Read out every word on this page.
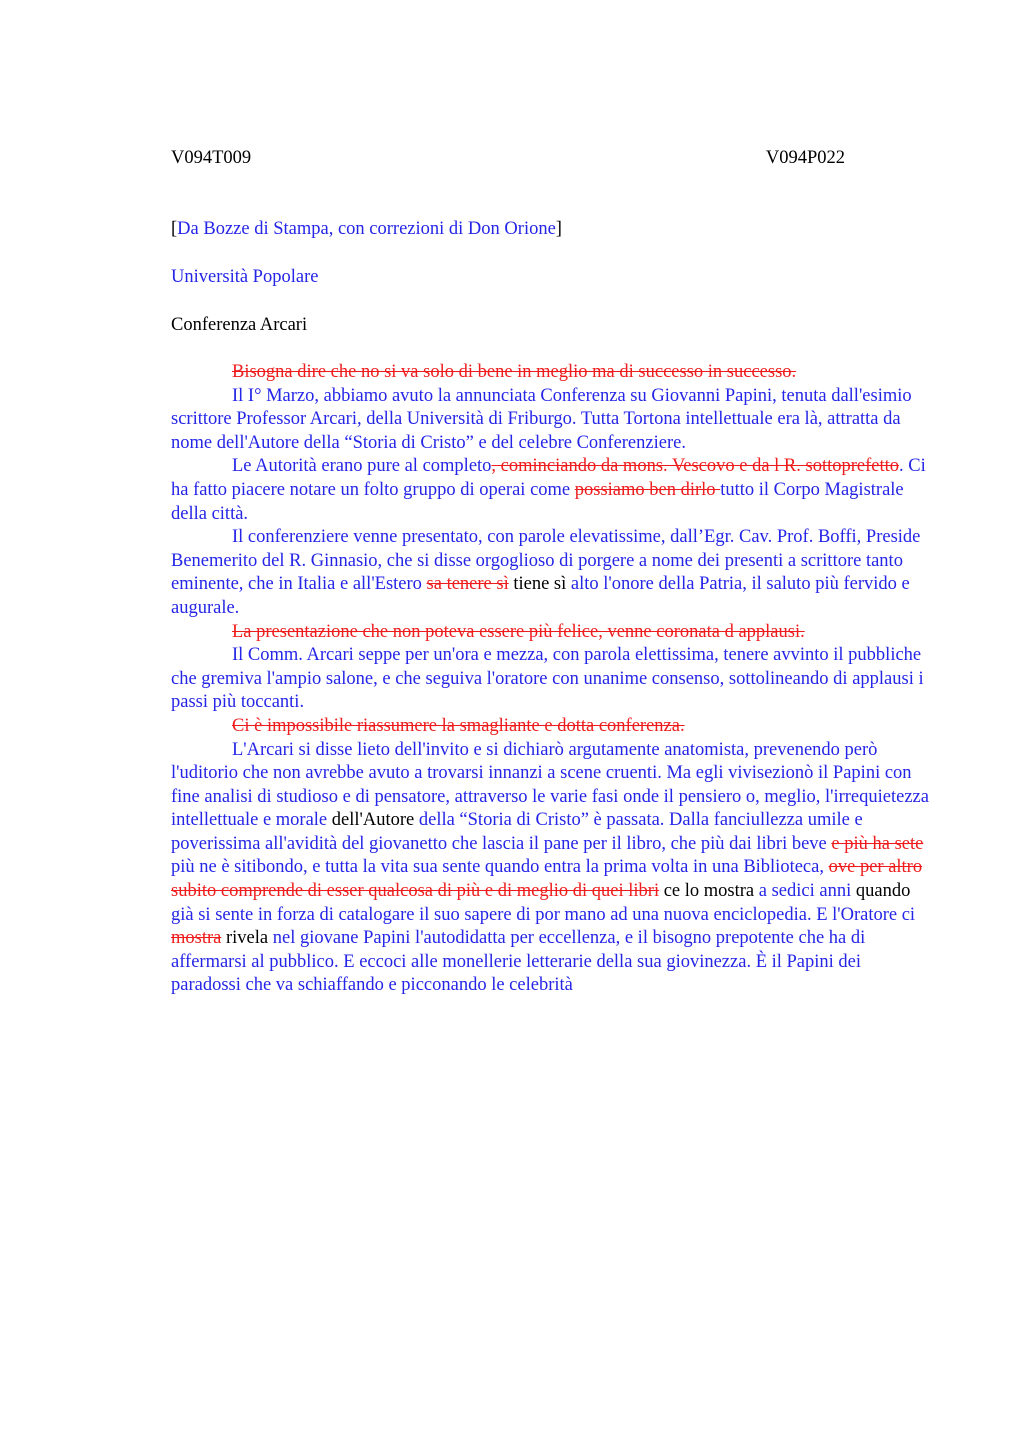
V094T009	V094P022
[Da Bozze di Stampa, con correzioni di Don Orione]
Università Popolare
Conferenza Arcari

Bisogna dire che no si va solo di bene in meglio ma di successo in successo.

Il I° Marzo, abbiamo avuto la annunciata Conferenza su Giovanni Papini, tenuta dall'esimio scrittore Professor Arcari, della Università di Friburgo. Tutta Tortona intellettuale era là, attratta da nome dell'Autore della “Storia di Cristo” e del celebre Conferenziere.

Le Autorità erano pure al completo, cominciando da mons. Vescovo e da l R. sottoprefetto. Ci ha fatto piacere notare un folto gruppo di operai come possiamo ben dirlo tutto il Corpo Magistrale della città.

Il conferenziere venne presentato, con parole elevatissime, dall’Egr. Cav. Prof. Boffi, Preside Benemerito del R. Ginnasio, che si disse orgoglioso di porgere a nome dei presenti a scrittore tanto eminente, che in Italia e all'Estero sa tenere sì tiene sì alto l'onore della Patria, il saluto più fervido e augurale.

La presentazione che non poteva essere più felice, venne coronata d applausi.

Il Comm. Arcari seppe per un'ora e mezza, con parola elettissima, tenere avvinto il pubbliche che gremiva l'ampio salone, e che seguiva l'oratore con unanime consenso, sottolineando di applausi i passi più toccanti.

Ci è impossibile riassumere la smagliante e dotta conferenza.

L'Arcari si disse lieto dell'invito e si dichiarò argutamente anatomista, prevenendo però l'uditorio che non avrebbe avuto a trovarsi innanzi a scene cruenti. Ma egli vivisezionò il Papini con fine analisi di studioso e di pensatore, attraverso le varie fasi onde il pensiero o, meglio, l'irrequietezza intellettuale e morale dell'Autore della “Storia di Cristo” è passata. Dalla fanciullezza umile e poverissima all'avidità del giovanetto che lascia il pane per il libro, che più dai libri beve e più ha sete più ne è sitibondo, e tutta la vita sua sente quando entra la prima volta in una Biblioteca, ove per altro subito comprende di esser qualcosa di più e di meglio di quei libri ce lo mostra a sedici anni quando già si sente in forza di catalogare il suo sapere di por mano ad una nuova enciclopedia. E l'Oratore ci mostra rivela nel giovane Papini l'autodidatta per eccellenza, e il bisogno prepotente che ha di affermarsi al pubblico. E eccoci alle monellerie letterarie della sua giovinezza. È il Papini dei paradossi che va schiaffando e picconando le celebrità
